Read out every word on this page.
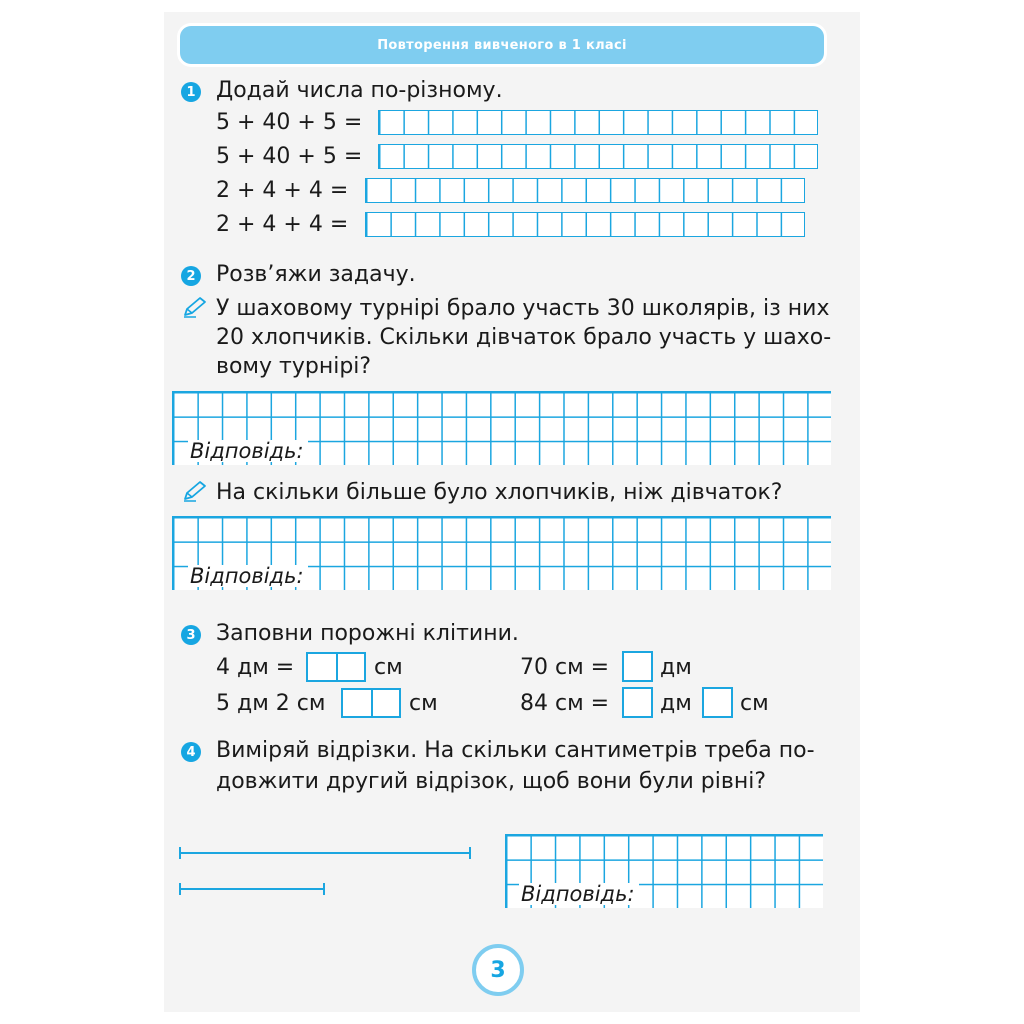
Повторення вивченого в 1 класі
1 Додай числа по-різному.
5 + 40 + 5 =
5 + 40 + 5 =
2 + 4 + 4 =
2 + 4 + 4 =
2 Розв’яжи задачу.
У шаховому турнірі брало участь 30 школярів, із них
20 хлопчиків. Скільки дівчаток брало участь у шахо-
вому турнірі?
Відповідь:
На скільки більше було хлопчиків, ніж дівчаток?
Відповідь:
3 Заповни порожні клітини.
4 дм =	см
5 дм 2 см	см
70 см = дм
84 см = дм см
4 Виміряй відрізки. На скільки сантиметрів треба по-
довжити другий відрізок, щоб вони були рівні?
Відповідь:
3
